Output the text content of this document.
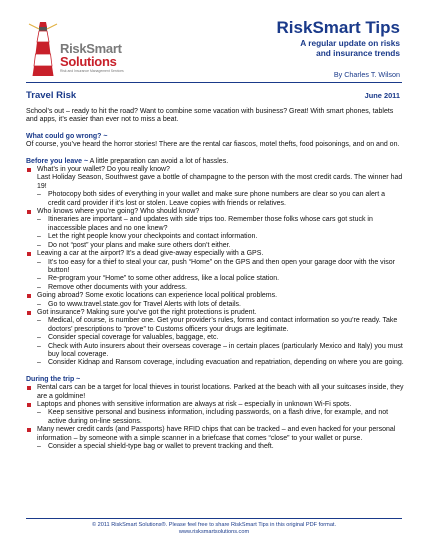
RiskSmart
Solutions
Risk and Insurance Management Services
RiskSmart Tips
A regular update on risks
and insurance trends
By Charles T. Wilson
Travel Risk	June 2011

School’s out – ready to hit the road? Want to combine some vacation with business? Great! With smart phones, tablets and apps, it’s easier than ever not to miss a beat.

What could go wrong? ~

Of course, you’ve heard the horror stories! There are the rental car fiascos, motel thefts, food poisonings, and on and on.

Before you leave ~ A little preparation can avoid a lot of hassles.

What’s in your wallet? Do you really know?
Last Holiday Season, Southwest gave a bottle of champagne to the person with the most credit cards. The winner had 19!
– Photocopy both sides of everything in your wallet and make sure phone numbers are clear so you can alert a credit card provider if it’s lost or stolen. Leave copies with friends or relatives.
Who knows where you’re going? Who should know?
– Itineraries are important – and updates with side trips too. Remember those folks whose cars got stuck in inaccessible places and no one knew?
– Let the right people know your checkpoints and contact information.
– Do not “post” your plans and make sure others don’t either.
Leaving a car at the airport? It’s a dead give-away especially with a GPS.
– It’s too easy for a thief to steal your car, push “Home” on the GPS and then open your garage door with the visor button!
– Re-program your “Home” to some other address, like a local police station.
– Remove other documents with your address.
Going abroad? Some exotic locations can experience local political problems.
– Go to www.travel.state.gov for Travel Alerts with lots of details.
Got insurance? Making sure you’ve got the right protections is prudent.
– Medical, of course, is number one. Get your provider’s rules, forms and contact information so you’re ready. Take doctors’ prescriptions to “prove” to Customs officers your drugs are legitimate.
– Consider special coverage for valuables, baggage, etc.
– Check with Auto insurers about their overseas coverage – in certain places (particularly Mexico and Italy) you must buy local coverage.
– Consider Kidnap and Ransom coverage, including evacuation and repatriation, depending on where you are going.

During the trip ~

Rental cars can be a target for local thieves in tourist locations. Parked at the beach with all your suitcases inside, they are a goldmine!
Laptops and phones with sensitive information are always at risk – especially in unknown Wi-Fi spots.
– Keep sensitive personal and business information, including passwords, on a flash drive, for example, and not active during on-line sessions.
Many newer credit cards (and Passports) have RFID chips that can be tracked – and even hacked for your personal information – by someone with a simple scanner in a briefcase that comes “close” to your wallet or purse.
– Consider a special shield-type bag or wallet to prevent tracking and theft.
© 2011 RiskSmart Solutions®. Please feel free to share RiskSmart Tips in this original PDF format.
www.risksmartsolutions.com
